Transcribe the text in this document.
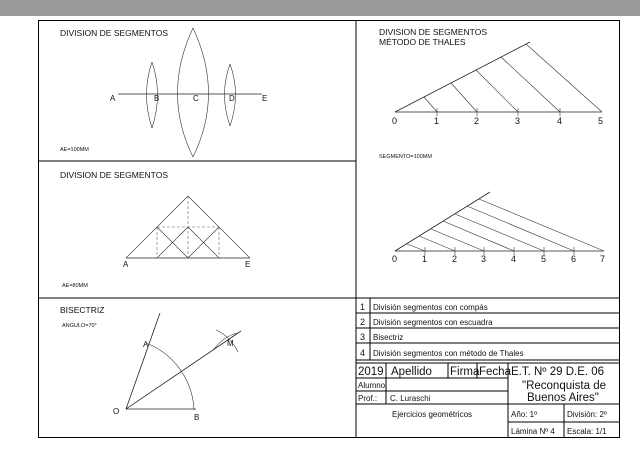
DIVISION DE SEGMENTOS
A	B	C	D	E
AE=100MM
DIVISION DE SEGMENTOS
MÉTODO DE THALES
0	1	2	3	4	5
SEGMENTO=100MM
DIVISION DE SEGMENTOS
A	E
AE=80MM
0	1	2	3	4	5	6	7
BISECTRIZ
ANGULO=70°
A	M
O
B
1 División segmentos con compás
2 División segmentos con escuadra
3 Bisectriz
4 División segmentos con método de Thales
2019 Apellido Firma Fecha E.T. Nº 29 D.E. 06
"Reconquista de
Buenos Aires"
Alumno:
Prof.: C. Luraschi
Ejercicios geométricos	Año: 1º	División: 2º
Lámina Nº 4 Escala: 1/1
